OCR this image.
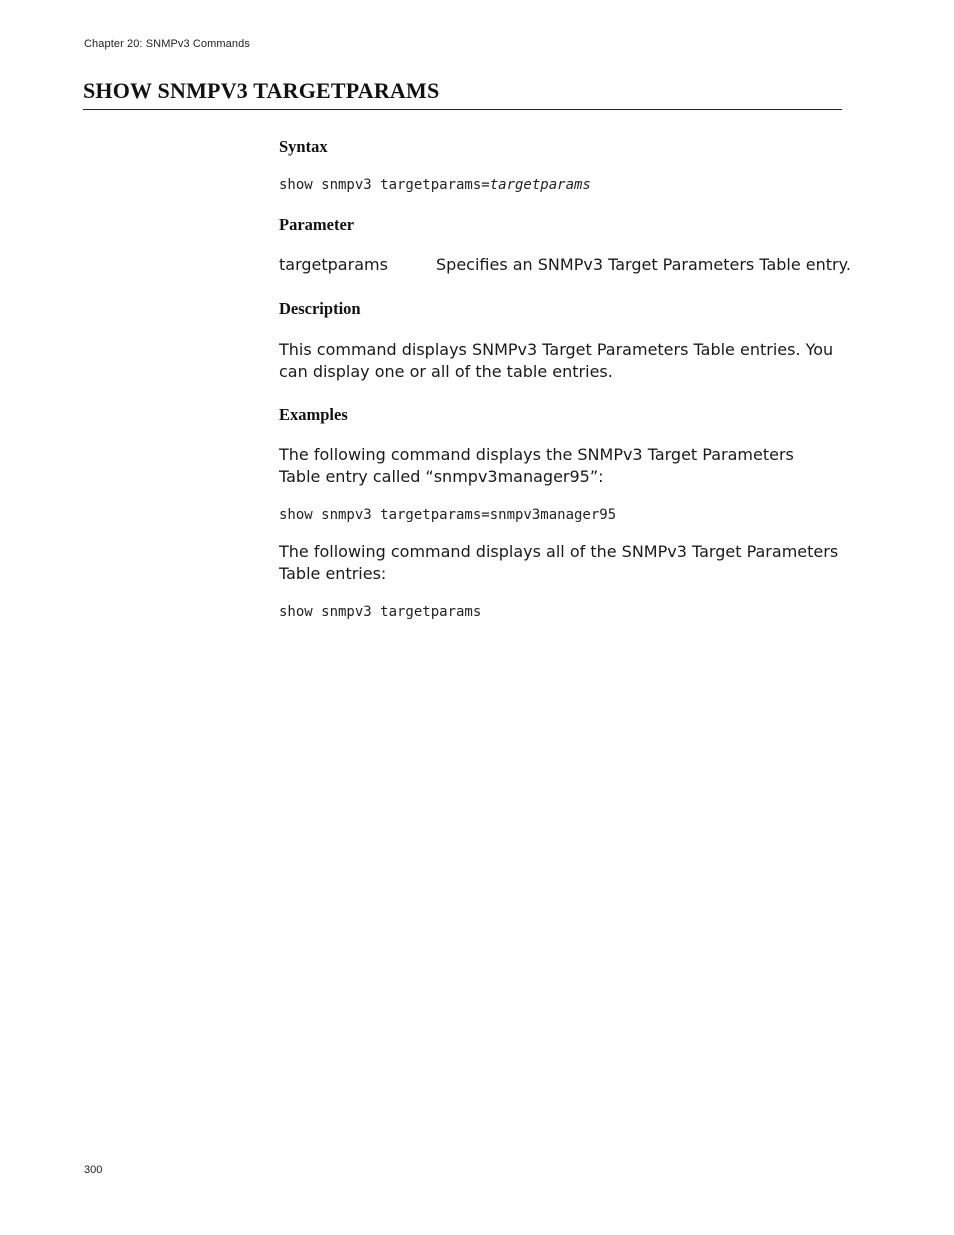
Chapter 20: SNMPv3 Commands
SHOW SNMPV3 TARGETPARAMS
Syntax
show snmpv3 targetparams=targetparams
Parameter
targetparams	Specifies an SNMPv3 Target Parameters Table entry.
Description

This command displays SNMPv3 Target Parameters Table entries. You can display one or all of the table entries.

Examples

The following command displays the SNMPv3 Target Parameters Table entry called “snmpv3manager95”:

show snmpv3 targetparams=snmpv3manager95

The following command displays all of the SNMPv3 Target Parameters Table entries:

show snmpv3 targetparams
300
